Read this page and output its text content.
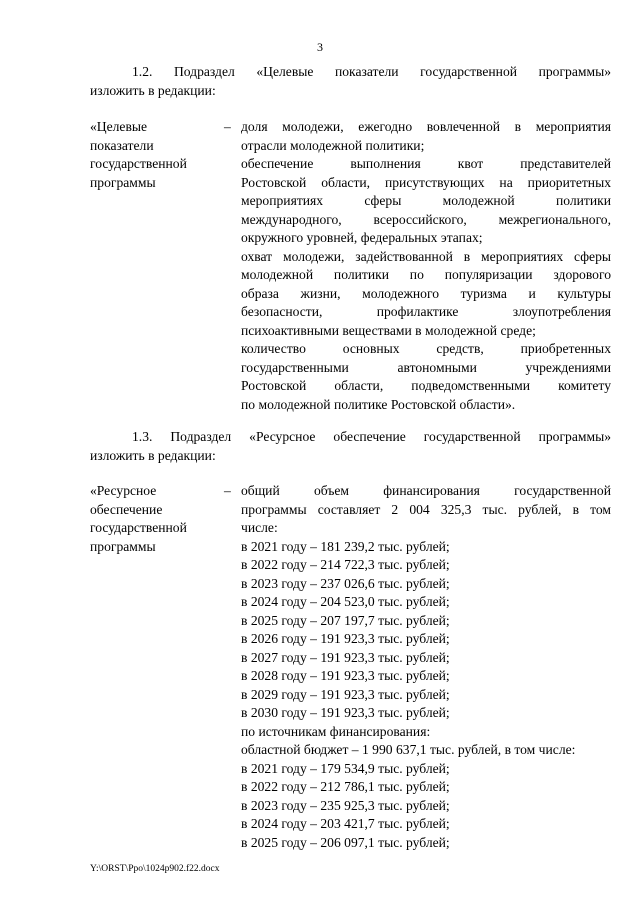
3
1.2. Подраздел «Целевые показатели государственной программы»
изложить в редакции:
«Целевые
показатели
государственной
программы
– доля молодежи, ежегодно вовлеченной в мероприятия
отрасли молодежной политики;
обеспечение выполнения квот представителей
Ростовской области, присутствующих на приоритетных
мероприятиях сферы молодежной политики
международного, всероссийского, межрегионального,
окружного уровней, федеральных этапах;
охват молодежи, задействованной в мероприятиях сферы
молодежной политики по популяризации здорового
образа жизни, молодежного туризма и культуры
безопасности, профилактике злоупотребления
психоактивными веществами в молодежной среде;
количество основных средств, приобретенных
государственными автономными учреждениями
Ростовской области, подведомственными комитету
по молодежной политике Ростовской области».
1.3. Подраздел «Ресурсное обеспечение государственной программы»
изложить в редакции:
«Ресурсное
обеспечение
государственной
программы
– общий объем финансирования государственной
программы составляет 2 004 325,3 тыс. рублей, в том
числе:
в 2021 году – 181 239,2 тыс. рублей;
в 2022 году – 214 722,3 тыс. рублей;
в 2023 году – 237 026,6 тыс. рублей;
в 2024 году – 204 523,0 тыс. рублей;
в 2025 году – 207 197,7 тыс. рублей;
в 2026 году – 191 923,3 тыс. рублей;
в 2027 году – 191 923,3 тыс. рублей;
в 2028 году – 191 923,3 тыс. рублей;
в 2029 году – 191 923,3 тыс. рублей;
в 2030 году – 191 923,3 тыс. рублей;
по источникам финансирования:
областной бюджет – 1 990 637,1 тыс. рублей, в том числе:
в 2021 году – 179 534,9 тыс. рублей;
в 2022 году – 212 786,1 тыс. рублей;
в 2023 году – 235 925,3 тыс. рублей;
в 2024 году – 203 421,7 тыс. рублей;
в 2025 году – 206 097,1 тыс. рублей;
Y:\ORST\Ppo\1024p902.f22.docx
